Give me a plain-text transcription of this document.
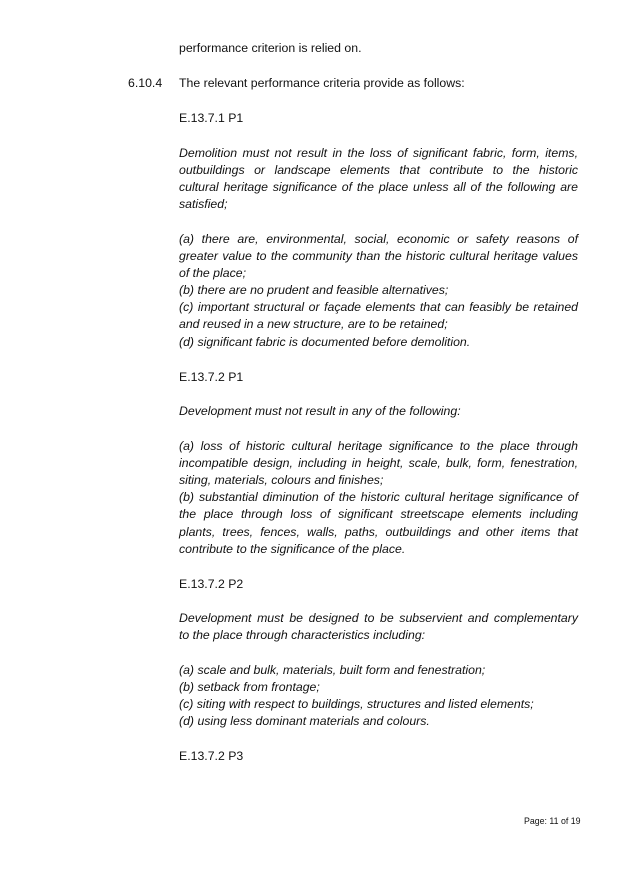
performance criterion is relied on.

6.10.4 The relevant performance criteria provide as follows:

E.13.7.1 P1

Demolition must not result in the loss of significant fabric, form, items,

outbuildings or landscape elements that contribute to the historic

cultural heritage significance of the place unless all of the following are

satisfied;

(a) there are, environmental, social, economic or safety reasons of

greater value to the community than the historic cultural heritage values

of the place;

(b) there are no prudent and feasible alternatives;

(c) important structural or façade elements that can feasibly be retained

and reused in a new structure, are to be retained;

(d) significant fabric is documented before demolition.

E.13.7.2 P1

Development must not result in any of the following:

(a) loss of historic cultural heritage significance to the place through

incompatible design, including in height, scale, bulk, form, fenestration,

siting, materials, colours and finishes;

(b) substantial diminution of the historic cultural heritage significance of

the place through loss of significant streetscape elements including

plants, trees, fences, walls, paths, outbuildings and other items that

contribute to the significance of the place.

E.13.7.2 P2

Development must be designed to be subservient and complementary

to the place through characteristics including:

(a) scale and bulk, materials, built form and fenestration;

(b) setback from frontage;

(c) siting with respect to buildings, structures and listed elements;

(d) using less dominant materials and colours.

E.13.7.2 P3

Page: 11 of 19
